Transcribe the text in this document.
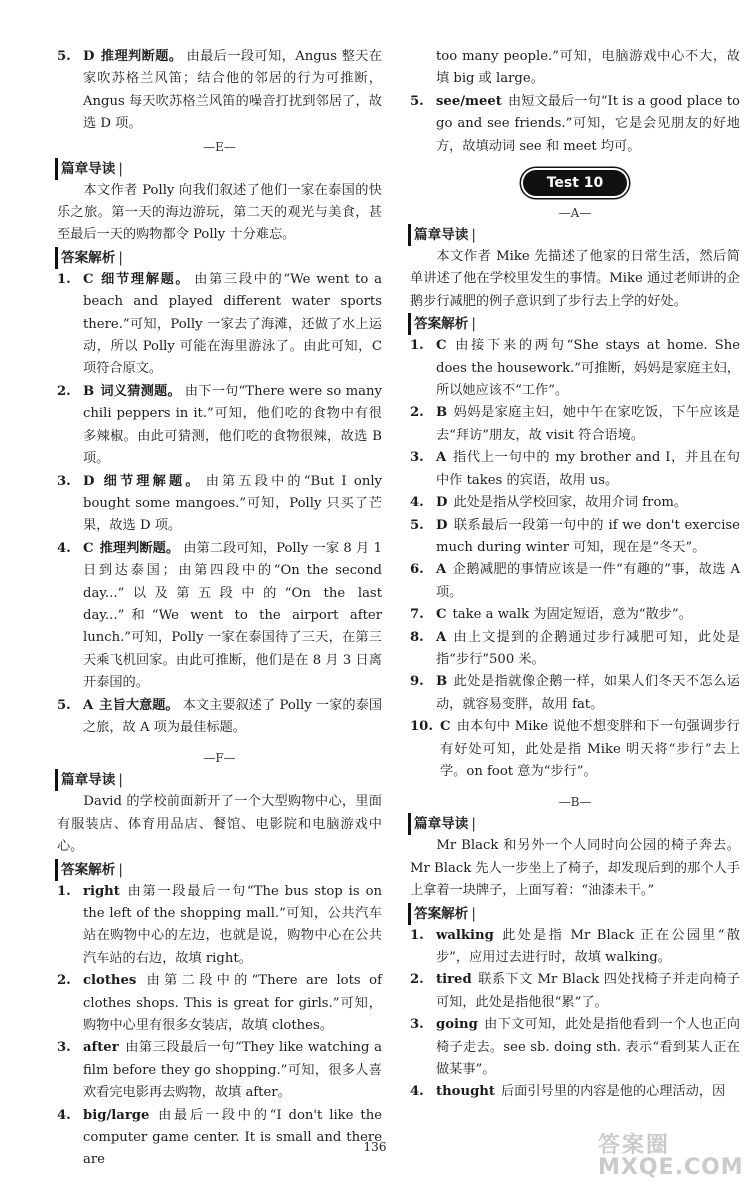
5. D 推理判断题。 由最后一段可知，Angus 整天在家吹苏格兰风笛；结合他的邻居的行为可推断，Angus 每天吹苏格兰风笛的噪音打扰到邻居了，故选 D 项。
—E—
篇章导读 |

本文作者 Polly 向我们叙述了他们一家在泰国的快乐之旅。第一天的海边游玩，第二天的观光与美食，甚至最后一天的购物都令 Polly 十分难忘。

答案解析 |
1. C 细节理解题。 由第三段中的“We went to a beach and played different water sports there.”可知，Polly 一家去了海滩，还做了水上运动，所以 Polly 可能在海里游泳了。由此可知，C 项符合原文。
2. B 词义猜测题。 由下一句“There were so many chili peppers in it.”可知，他们吃的食物中有很多辣椒。由此可猜测，他们吃的食物很辣，故选 B 项。
3. D 细节理解题。 由第五段中的“But I only bought some mangoes.”可知，Polly 只买了芒果，故选 D 项。
4. C 推理判断题。 由第二段可知，Polly 一家 8 月 1 日到达泰国；由第四段中的“On the second day...”以及第五段中的“On the last day...”和“We went to the airport after lunch.”可知，Polly 一家在泰国待了三天，在第三天乘飞机回家。由此可推断，他们是在 8 月 3 日离开泰国的。
5. A 主旨大意题。 本文主要叙述了 Polly 一家的泰国之旅，故 A 项为最佳标题。
—F—
篇章导读 |

David 的学校前面新开了一个大型购物中心，里面有服装店、体育用品店、餐馆、电影院和电脑游戏中心。

答案解析 |
1. right 由第一段最后一句“The bus stop is on the left of the shopping mall.”可知，公共汽车站在购物中心的左边，也就是说，购物中心在公共汽车站的右边，故填 right。
2. clothes 由第二段中的“There are lots of clothes shops. This is great for girls.”可知，购物中心里有很多女装店，故填 clothes。
3. after 由第三段最后一句“They like watching a film before they go shopping.”可知，很多人喜欢看完电影再去购物，故填 after。
4. big/large 由最后一段中的“I don't like the computer game center. It is small and there are

too many people.”可知，电脑游戏中心不大，故填 big 或 large。

5. see/meet 由短文最后一句“It is a good place to go and see friends.”可知，它是会见朋友的好地方，故填动词 see 和 meet 均可。
Test 10
—A—
篇章导读 |

本文作者 Mike 先描述了他家的日常生活，然后简单讲述了他在学校里发生的事情。Mike 通过老师讲的企鹅步行减肥的例子意识到了步行去上学的好处。

答案解析 |
1. C 由接下来的两句“She stays at home. She does the housework.”可推断，妈妈是家庭主妇，所以她应该不“工作”。
2. B 妈妈是家庭主妇，她中午在家吃饭，下午应该是去“拜访”朋友，故 visit 符合语境。
3. A 指代上一句中的 my brother and I，并且在句中作 takes 的宾语，故用 us。
4. D 此处是指从学校回家，故用介词 from。
5. D 联系最后一段第一句中的 if we don't exercise much during winter 可知，现在是“冬天”。
6. A 企鹅减肥的事情应该是一件“有趣的”事，故选 A 项。
7. C take a walk 为固定短语，意为“散步”。
8. A 由上文提到的企鹅通过步行减肥可知，此处是指“步行”500 米。
9. B 此处是指就像企鹅一样，如果人们冬天不怎么运动，就容易变胖，故用 fat。
10. C 由本句中 Mike 说他不想变胖和下一句强调步行有好处可知，此处是指 Mike 明天将“步行”去上学。on foot 意为“步行”。
—B—
篇章导读 |

Mr Black 和另外一个人同时向公园的椅子奔去。Mr Black 先人一步坐上了椅子，却发现后到的那个人手上拿着一块牌子，上面写着：“油漆未干。”

答案解析 |
1. walking 此处是指 Mr Black 正在公园里“散步”，应用过去进行时，故填 walking。
2. tired 联系下文 Mr Black 四处找椅子并走向椅子可知，此处是指他很“累”了。
3. going 由下文可知，此处是指他看到一个人也正向椅子走去。see sb. doing sth. 表示“看到某人正在做某事”。
4. thought 后面引号里的内容是他的心理活动，因
136	答案圈
MXQE.COM
